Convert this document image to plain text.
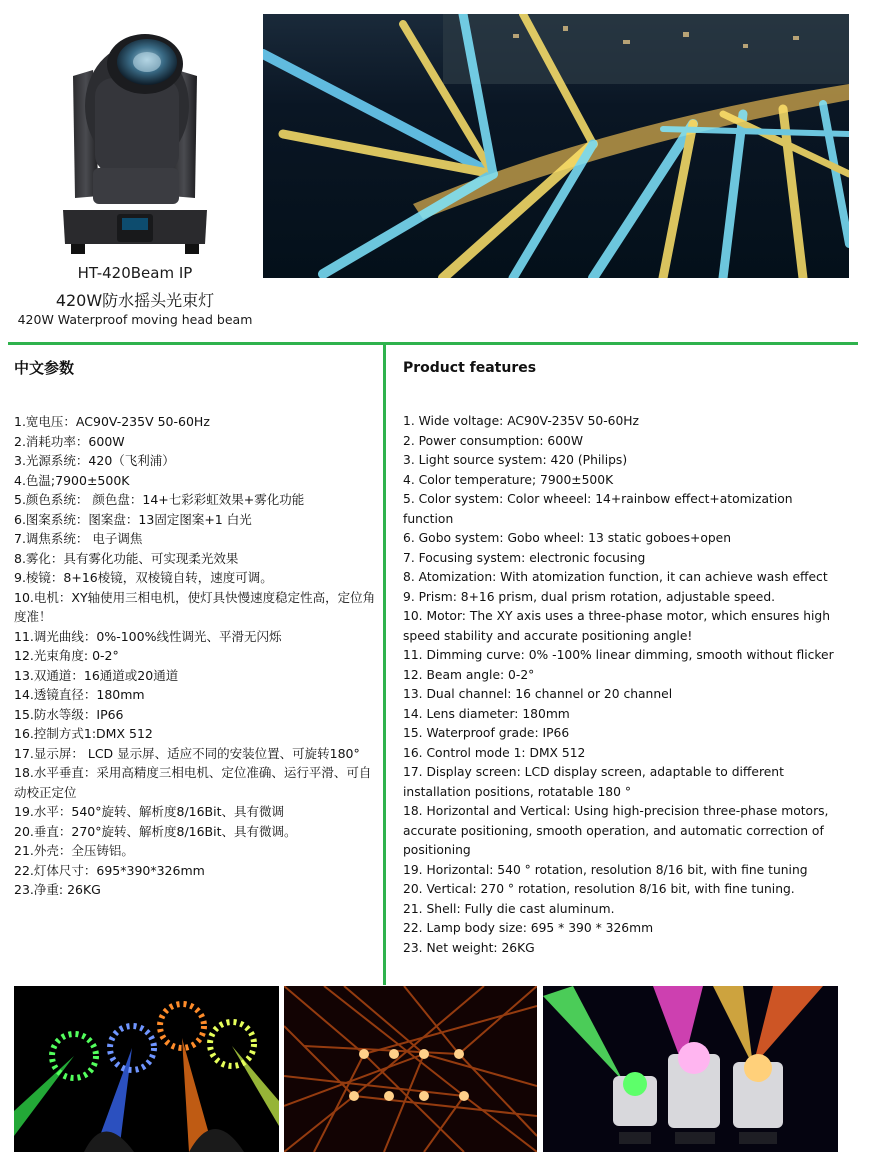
HT-420Beam IP
420W防水摇头光束灯
420W Waterproof moving head beam
中文参数
1.宽电压：AC90V-235V 50-60Hz
2.消耗功率：600W
3.光源系统：420（飞利浦）
4.色温;7900±500K
5.颜色系统： 颜色盘：14+七彩彩虹效果+雾化功能
6.图案系统：图案盘：13固定图案+1 白光
7.调焦系统： 电子调焦
8.雾化：具有雾化功能、可实现柔光效果
9.棱镜：8+16棱镜，双棱镜自转，速度可调。
10.电机：XY轴使用三相电机，使灯具快慢速度稳定性高，定位角度准！
11.调光曲线：0%-100%线性调光、平滑无闪烁
12.光束角度: 0-2°
13.双通道：16通道或20通道
14.透镜直径：180mm
15.防水等级：IP66
16.控制方式1:DMX 512
17.显示屏： LCD 显示屏、适应不同的安装位置、可旋转180°
18.水平垂直：采用高精度三相电机、定位准确、运行平滑、可自动校正定位
19.水平：540°旋转、解析度8/16Bit、具有微调
20.垂直：270°旋转、解析度8/16Bit、具有微调。
21.外壳：全压铸铝。
22.灯体尺寸：695*390*326mm
23.净重: 26KG
Product features
1. Wide voltage: AC90V-235V 50-60Hz
2. Power consumption: 600W
3. Light source system: 420 (Philips)
4. Color temperature; 7900±500K
5. Color system: Color wheeel: 14+rainbow effect+atomization function
6. Gobo system: Gobo wheel: 13 static goboes+open
7. Focusing system: electronic focusing
8. Atomization: With atomization function, it can achieve wash effect
9. Prism: 8+16 prism, dual prism rotation, adjustable speed.
10. Motor: The XY axis uses a three-phase motor, which ensures high speed stability and accurate positioning angle!
11. Dimming curve: 0% -100% linear dimming, smooth without flicker
12. Beam angle: 0-2°
13. Dual channel: 16 channel or 20 channel
14. Lens diameter: 180mm
15. Waterproof grade: IP66
16. Control mode 1: DMX 512
17. Display screen: LCD display screen, adaptable to different installation positions, rotatable 180 °
18. Horizontal and Vertical: Using high-precision three-phase motors, accurate positioning, smooth operation, and automatic correction of positioning
19. Horizontal: 540 ° rotation, resolution 8/16 bit, with fine tuning
20. Vertical: 270 ° rotation, resolution 8/16 bit, with fine tuning.
21. Shell: Fully die cast aluminum.
22. Lamp body size: 695 * 390 * 326mm
23. Net weight: 26KG
